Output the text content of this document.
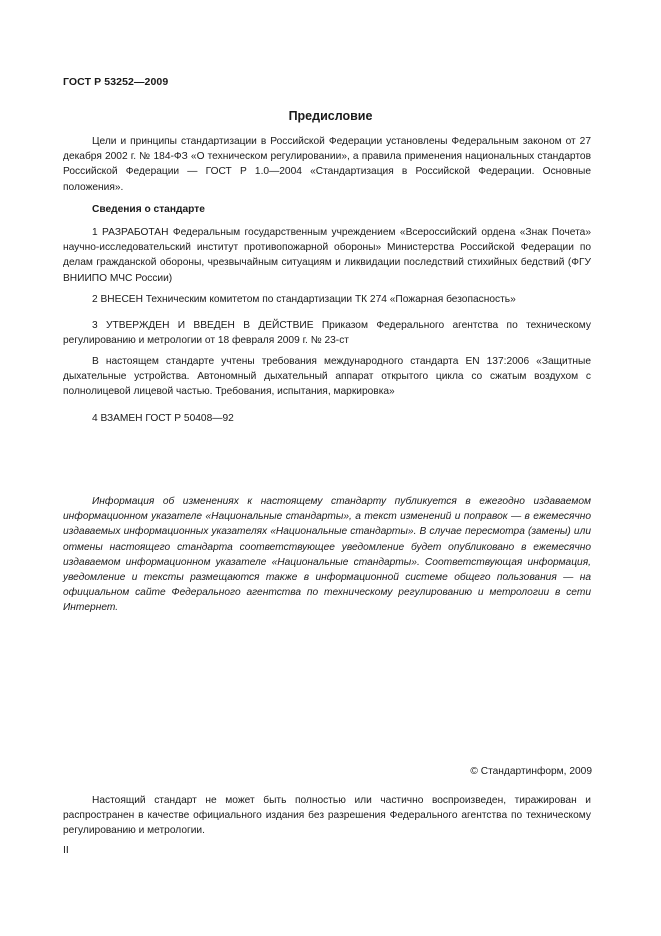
ГОСТ Р 53252—2009
Предисловие
Цели и принципы стандартизации в Российской Федерации установлены Федеральным законом от 27 декабря 2002 г. № 184-ФЗ «О техническом регулировании», а правила применения национальных стандартов Российской Федерации — ГОСТ Р 1.0—2004 «Стандартизация в Российской Федерации. Основные положения».
Сведения о стандарте
1 РАЗРАБОТАН Федеральным государственным учреждением «Всероссийский ордена «Знак Почета» научно-исследовательский институт противопожарной обороны» Министерства Российской Федерации по делам гражданской обороны, чрезвычайным ситуациям и ликвидации последствий стихийных бедствий (ФГУ ВНИИПО МЧС России)
2 ВНЕСЕН Техническим комитетом по стандартизации ТК 274 «Пожарная безопасность»
3 УТВЕРЖДЕН И ВВЕДЕН В ДЕЙСТВИЕ Приказом Федерального агентства по техническому регулированию и метрологии от 18 февраля 2009 г. № 23-ст
В настоящем стандарте учтены требования международного стандарта EN 137:2006 «Защитные дыхательные устройства. Автономный дыхательный аппарат открытого цикла со сжатым воздухом с полнолицевой лицевой частью. Требования, испытания, маркировка»
4 ВЗАМЕН ГОСТ Р 50408—92
Информация об изменениях к настоящему стандарту публикуется в ежегодно издаваемом информационном указателе «Национальные стандарты», а текст изменений и поправок — в ежемесячно издаваемых информационных указателях «Национальные стандарты». В случае пересмотра (замены) или отмены настоящего стандарта соответствующее уведомление будет опубликовано в ежемесячно издаваемом информационном указателе «Национальные стандарты». Соответствующая информация, уведомление и тексты размещаются также в информационной системе общего пользования — на официальном сайте Федерального агентства по техническому регулированию и метрологии в сети Интернет.
© Стандартинформ, 2009
Настоящий стандарт не может быть полностью или частично воспроизведен, тиражирован и распространен в качестве официального издания без разрешения Федерального агентства по техническому регулированию и метрологии.
II
